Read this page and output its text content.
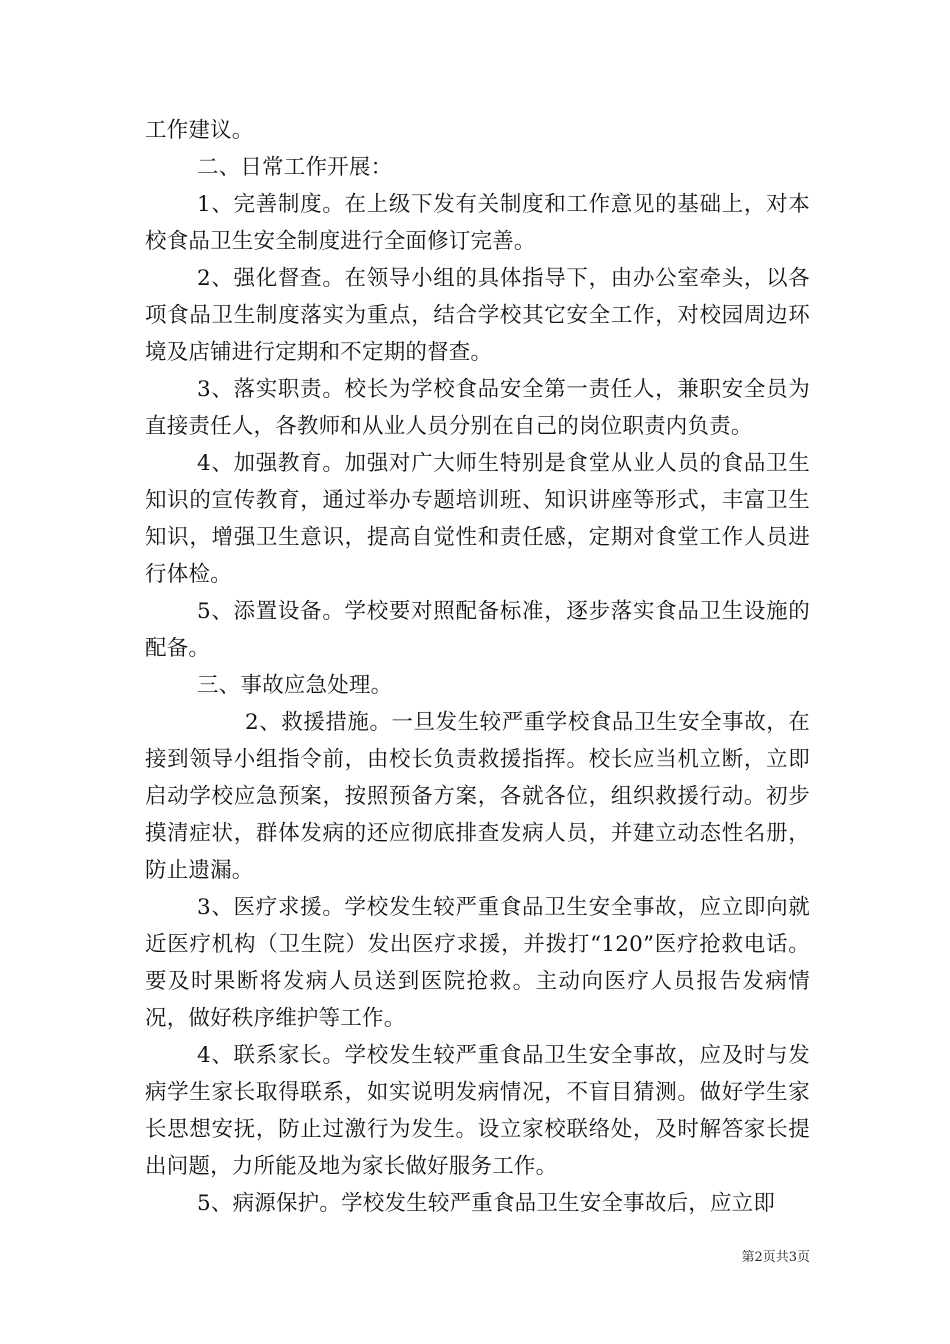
工作建议。

二、日常工作开展：

1、完善制度。在上级下发有关制度和工作意见的基础上，对本校食品卫生安全制度进行全面修订完善。

2、强化督查。在领导小组的具体指导下，由办公室牵头，以各项食品卫生制度落实为重点，结合学校其它安全工作，对校园周边环境及店铺进行定期和不定期的督查。

3、落实职责。校长为学校食品安全第一责任人，兼职安全员为直接责任人，各教师和从业人员分别在自己的岗位职责内负责。

4、加强教育。加强对广大师生特别是食堂从业人员的食品卫生知识的宣传教育，通过举办专题培训班、知识讲座等形式，丰富卫生知识，增强卫生意识，提高自觉性和责任感，定期对食堂工作人员进行体检。

5、添置设备。学校要对照配备标准，逐步落实食品卫生设施的配备。

三、事故应急处理。

2、救援措施。一旦发生较严重学校食品卫生安全事故，在接到领导小组指令前，由校长负责救援指挥。校长应当机立断，立即启动学校应急预案，按照预备方案，各就各位，组织救援行动。初步摸清症状，群体发病的还应彻底排查发病人员，并建立动态性名册，防止遗漏。

3、医疗求援。学校发生较严重食品卫生安全事故，应立即向就近医疗机构（卫生院）发出医疗求援，并拨打“120”医疗抢救电话。要及时果断将发病人员送到医院抢救。主动向医疗人员报告发病情况，做好秩序维护等工作。

4、联系家长。学校发生较严重食品卫生安全事故，应及时与发病学生家长取得联系，如实说明发病情况，不盲目猜测。做好学生家长思想安抚，防止过激行为发生。设立家校联络处，及时解答家长提出问题，力所能及地为家长做好服务工作。

5、病源保护。学校发生较严重食品卫生安全事故后，应立即

第2页共3页
